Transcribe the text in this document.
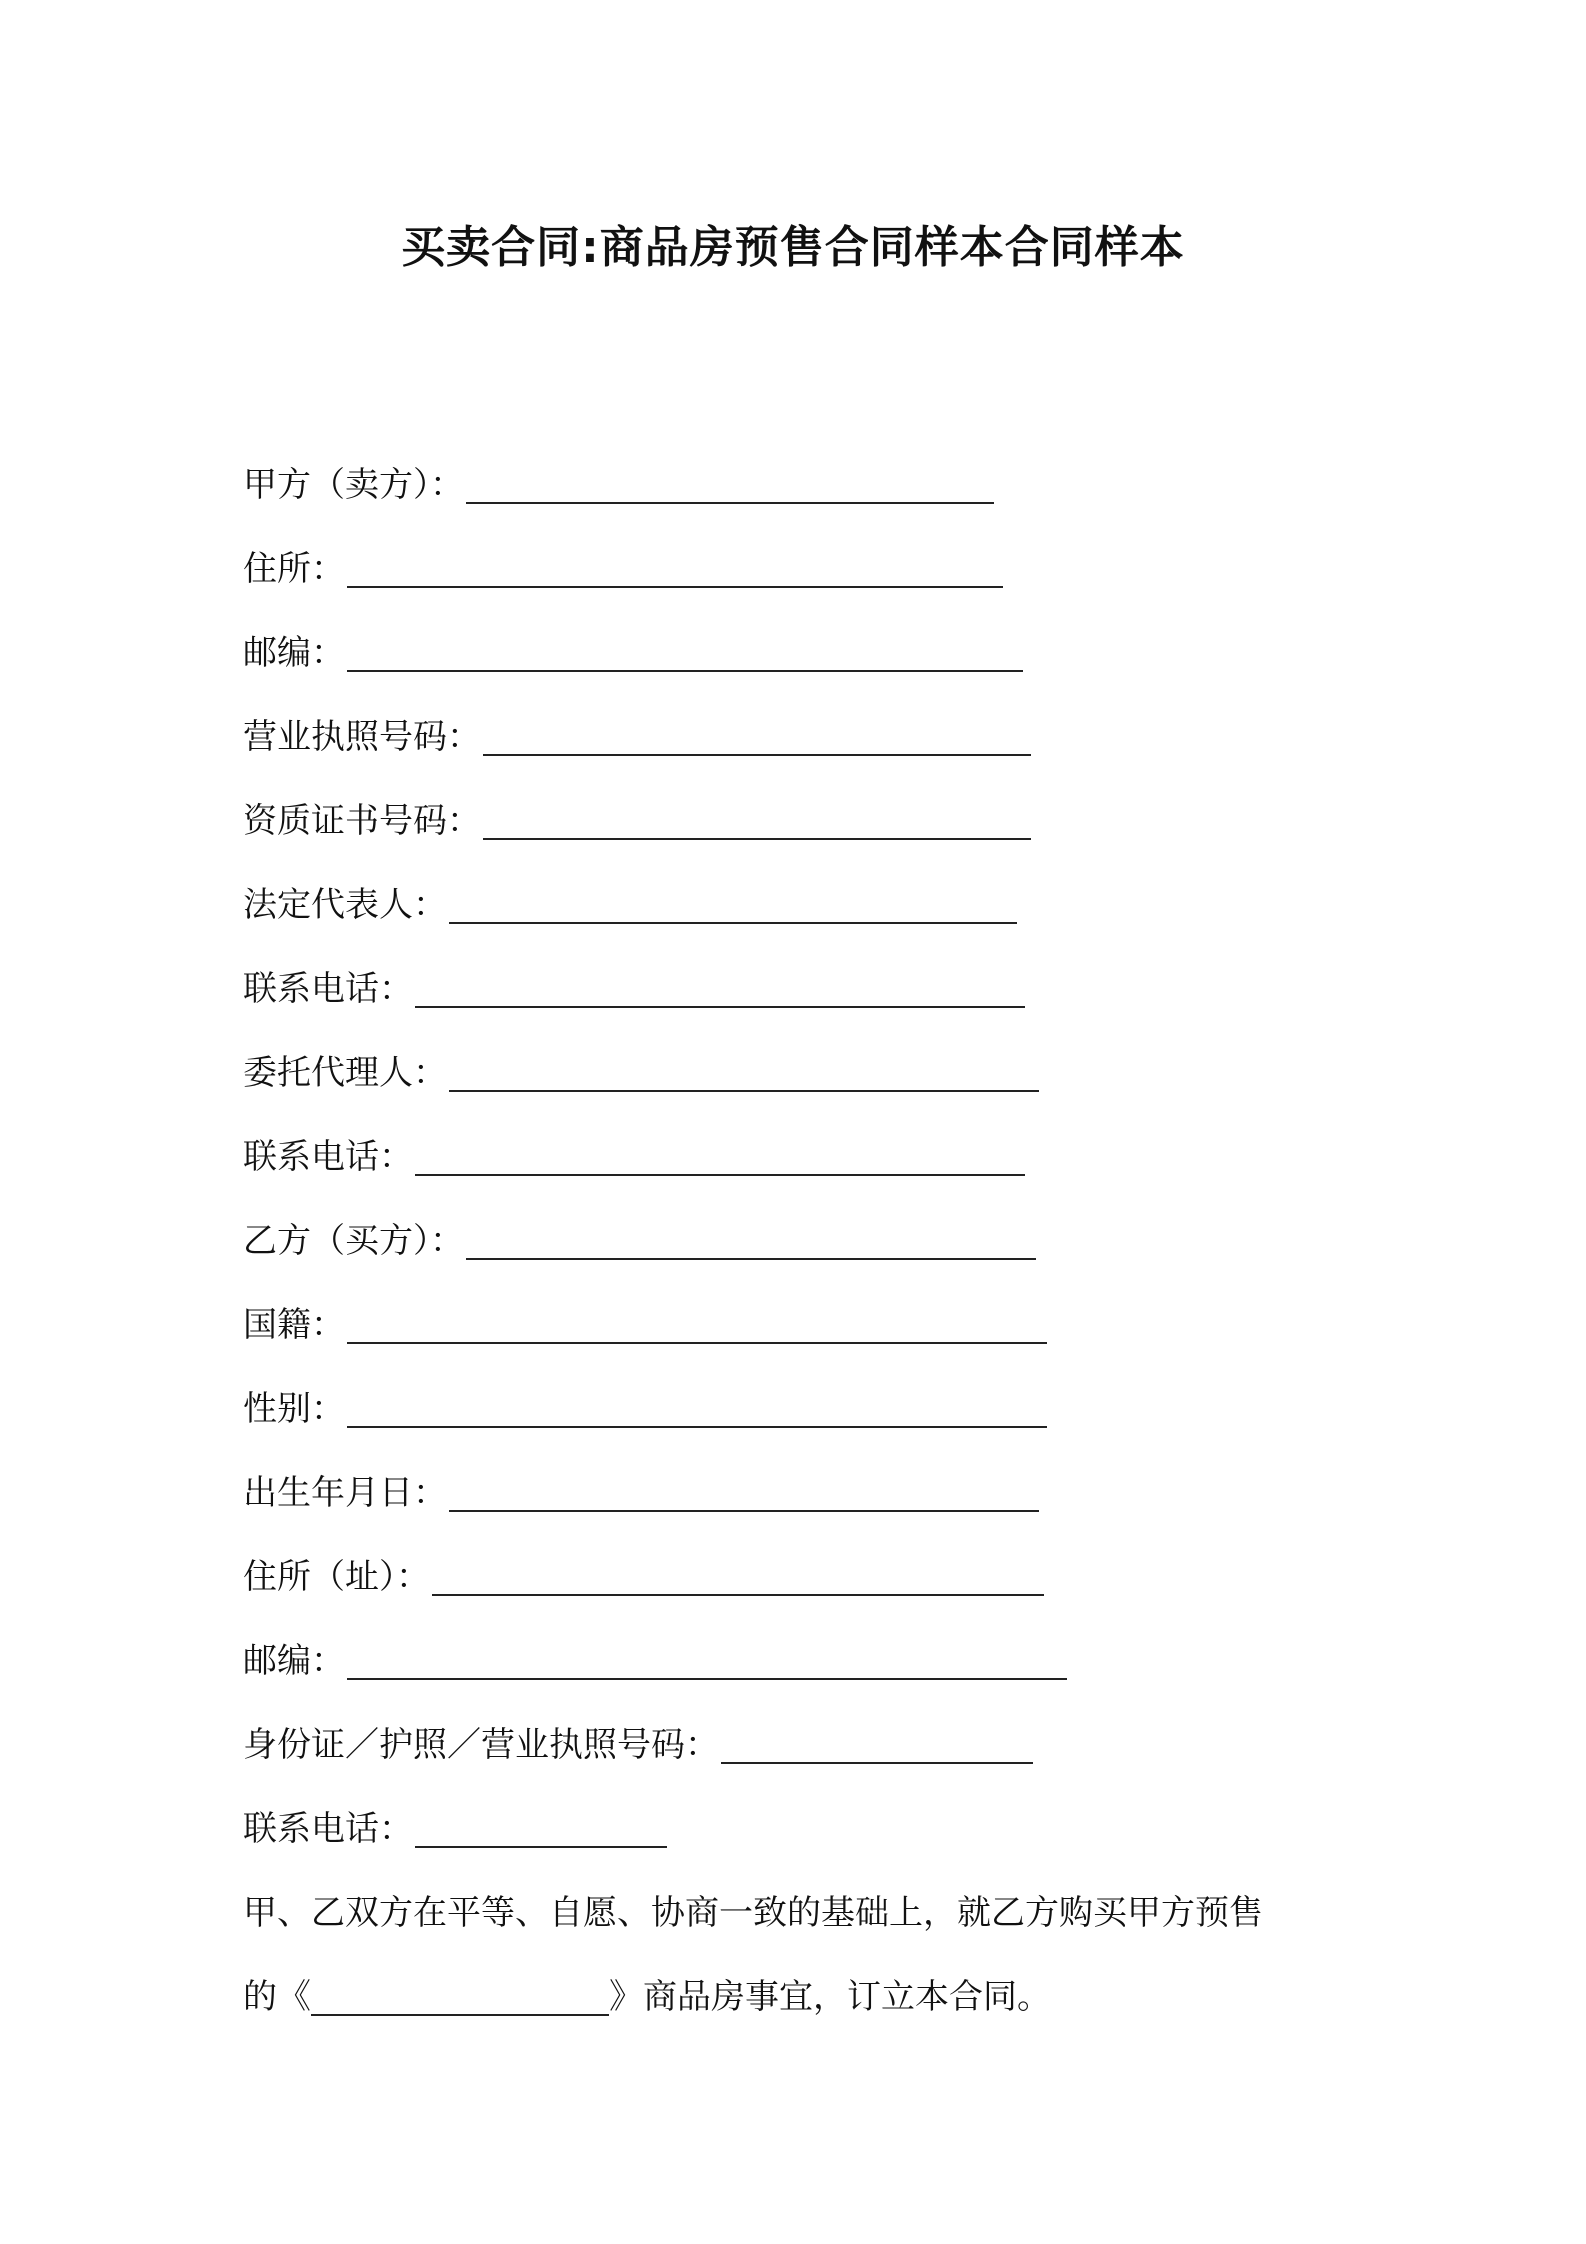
买卖合同:商品房预售合同样本合同样本
甲方（卖方）：
住所：
邮编：
营业执照号码：
资质证书号码：
法定代表人：
联系电话：
委托代理人：
联系电话：
乙方（买方）：
国籍：
性别：
出生年月日：
住所（址）：
邮编：
身份证／护照／营业执照号码：
联系电话：
甲、乙双方在平等、自愿、协商一致的基础上，就乙方购买甲方预售
的《	》商品房事宜，订立本合同。
